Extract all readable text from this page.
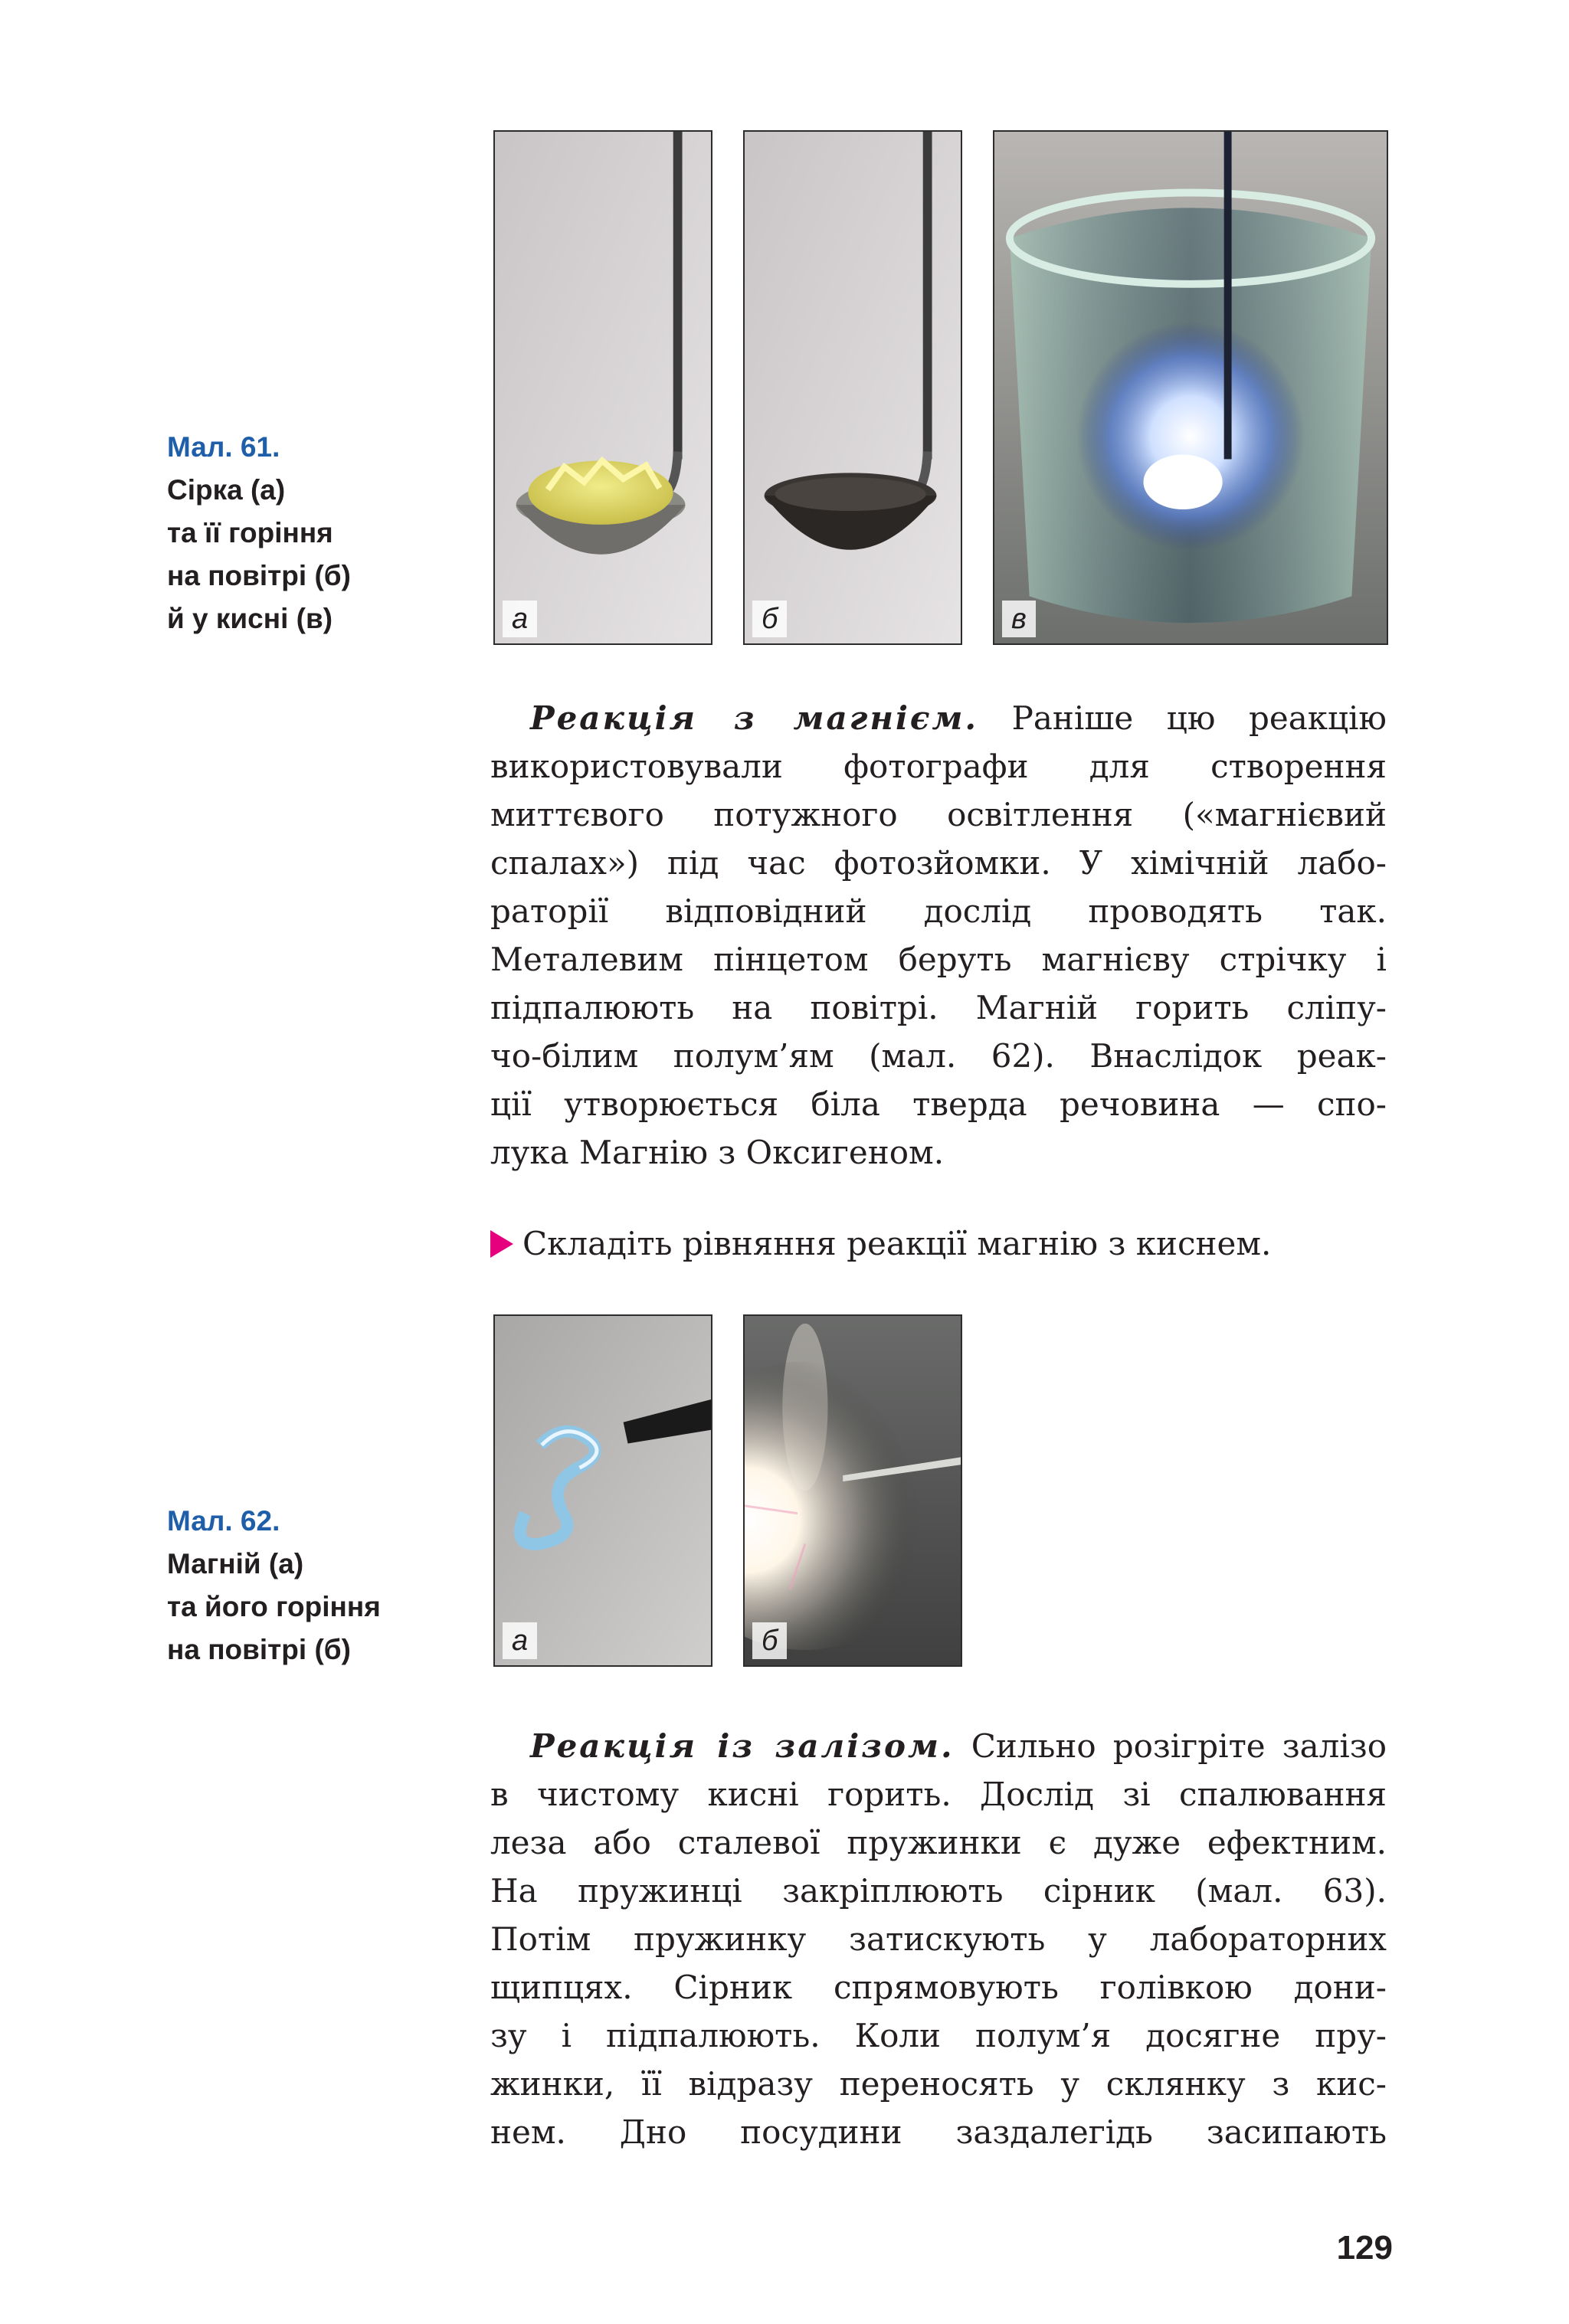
Мал. 61.
Сірка (а)
та її горіння
на повітрі (б)
й у кисні (в)	а	б	в

Реакція з магнієм. Раніше цю реакцію
використовували фотографи для створення
миттєвого потужного освітлення («магнієвий
спалах») під час фотозйомки. У хімічній лабо-
раторії відповідний дослід проводять так.
Металевим пінцетом беруть магнієву стрічку і
підпалюють на повітрі. Магній горить сліпу-
чо-білим полум’ям (мал. 62). Внаслідок реак-
ції утворюється біла тверда речовина — спо-
лука Магнію з Оксигеном.

Складіть рівняння реакції магнію з киснем.
Мал. 62.
Магній (а)
та його горіння
на повітрі (б)	а	б

Реакція із залізом. Сильно розігріте залізо
в чистому кисні горить. Дослід зі спалювання
леза або сталевої пружинки є дуже ефектним.
На пружинці закріплюють сірник (мал. 63).
Потім пружинку затискують у лабораторних
щипцях. Сірник спрямовують голівкою дони-
зу і підпалюють. Коли полум’я досягне пру-
жинки, її відразу переносять у склянку з кис-
нем. Дно посудини заздалегідь засипають

129
